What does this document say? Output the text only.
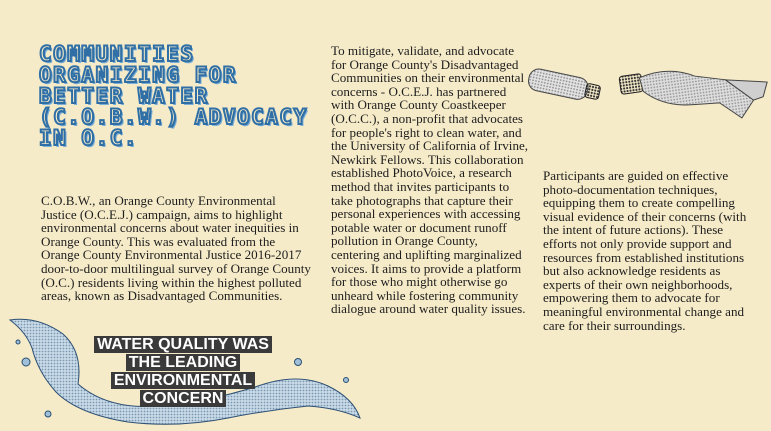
COMMUNITIES ORGANIZING FOR BETTER WATER (C.O.B.W.) ADVOCACY IN O.C.

C.O.B.W., an Orange County Environmental Justice (O.C.E.J.) campaign, aims to highlight environmental concerns about water inequities in Orange County. This was evaluated from the Orange County Environmental Justice 2016-2017 door-to-door multilingual survey of Orange County (O.C.) residents living within the highest polluted areas, known as Disadvantaged Communities.

To mitigate, validate, and advocate for Orange County's Disadvantaged Communities on their environmental concerns - O.C.E.J. has partnered with Orange County Coastkeeper (O.C.C.), a non-profit that advocates for people's right to clean water, and the University of California of Irvine, Newkirk Fellows. This collaboration established PhotoVoice, a research method that invites participants to take photographs that capture their personal experiences with accessing potable water or document runoff pollution in Orange County, centering and uplifting marginalized voices. It aims to provide a platform for those who might otherwise go unheard while fostering community dialogue around water quality issues.

Participants are guided on effective photo-documentation techniques, equipping them to create compelling visual evidence of their concerns (with the intent of future actions). These efforts not only provide support and resources from established institutions but also acknowledge residents as experts of their own neighborhoods, empowering them to advocate for meaningful environmental change and care for their surroundings.

WATER QUALITY WAS THE LEADING ENVIRONMENTAL CONCERN
